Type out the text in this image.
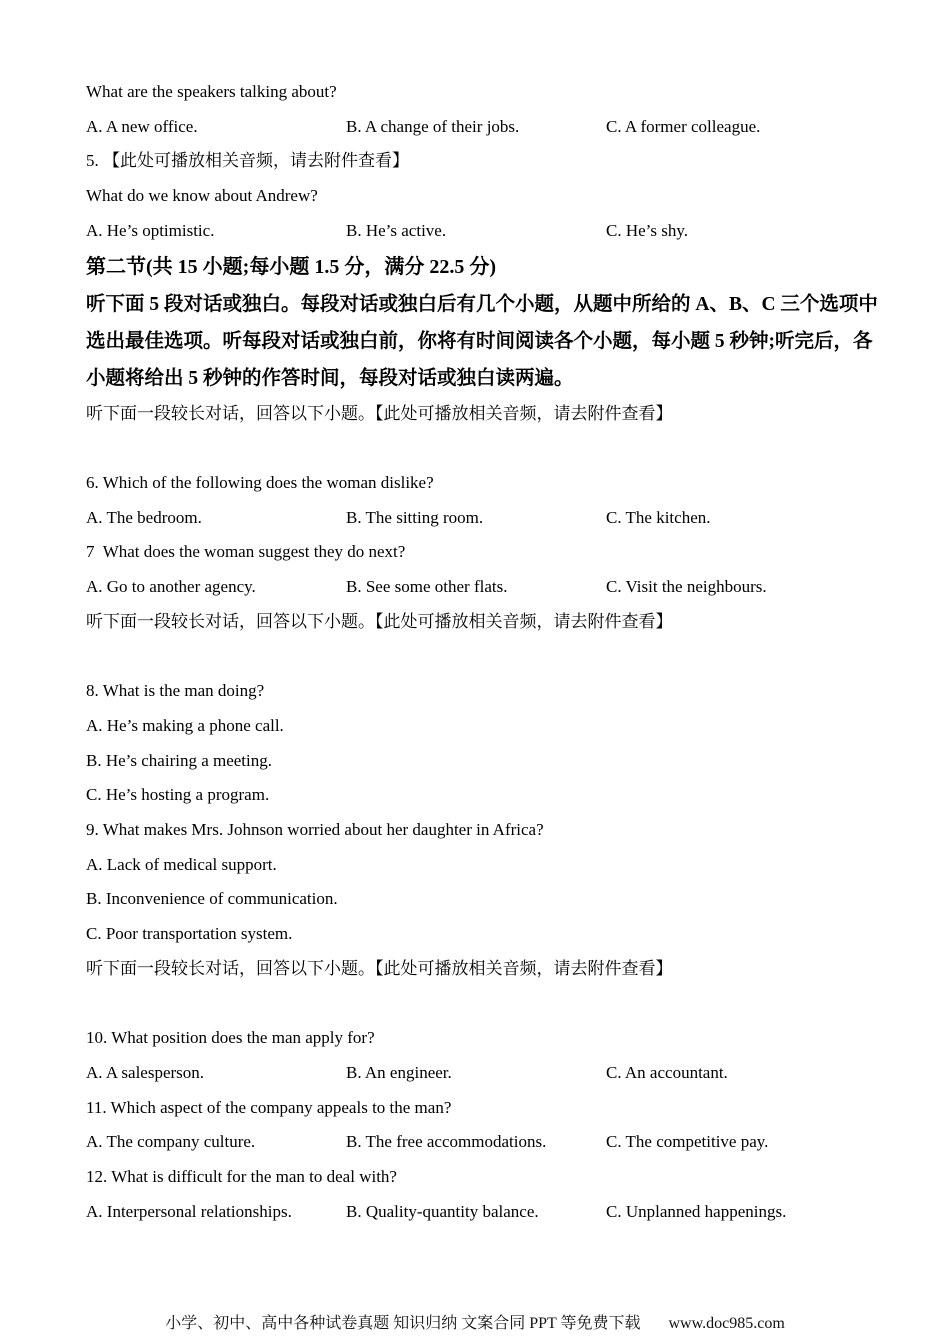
What are the speakers talking about?

A. A new office.	B. A change of their jobs.	C. A former colleague.

5. 【此处可播放相关音频，请去附件查看】

What do we know about Andrew?

A. He’s optimistic.	B. He’s active.	C. He’s shy.

第二节(共 15 小题;每小题 1.5 分，满分 22.5 分)

听下面 5 段对话或独白。每段对话或独白后有几个小题，从题中所给的 A、B、C 三个选项中

选出最佳选项。听每段对话或独白前，你将有时间阅读各个小题，每小题 5 秒钟;听完后，各

小题将给出 5 秒钟的作答时间，每段对话或独白读两遍。

听下面一段较长对话，回答以下小题。【此处可播放相关音频，请去附件查看】

6. Which of the following does the woman dislike?

A. The bedroom.	B. The sitting room.	C. The kitchen.

7  What does the woman suggest they do next?

A. Go to another agency.	B. See some other flats.	C. Visit the neighbours.

听下面一段较长对话，回答以下小题。【此处可播放相关音频，请去附件查看】

8. What is the man doing?

A. He’s making a phone call.

B. He’s chairing a meeting.

C. He’s hosting a program.

9. What makes Mrs. Johnson worried about her daughter in Africa?

A. Lack of medical support.

B. Inconvenience of communication.

C. Poor transportation system.

听下面一段较长对话，回答以下小题。【此处可播放相关音频，请去附件查看】

10. What position does the man apply for?

A. A salesperson.	B. An engineer.	C. An accountant.

11. Which aspect of the company appeals to the man?

A. The company culture.	B. The free accommodations.	C. The competitive pay.

12. What is difficult for the man to deal with?

A. Interpersonal relationships.	B. Quality-quantity balance.	C. Unplanned happenings.
小学、初中、高中各种试卷真题 知识归纳 文案合同 PPT 等免费下载 www.doc985.com
